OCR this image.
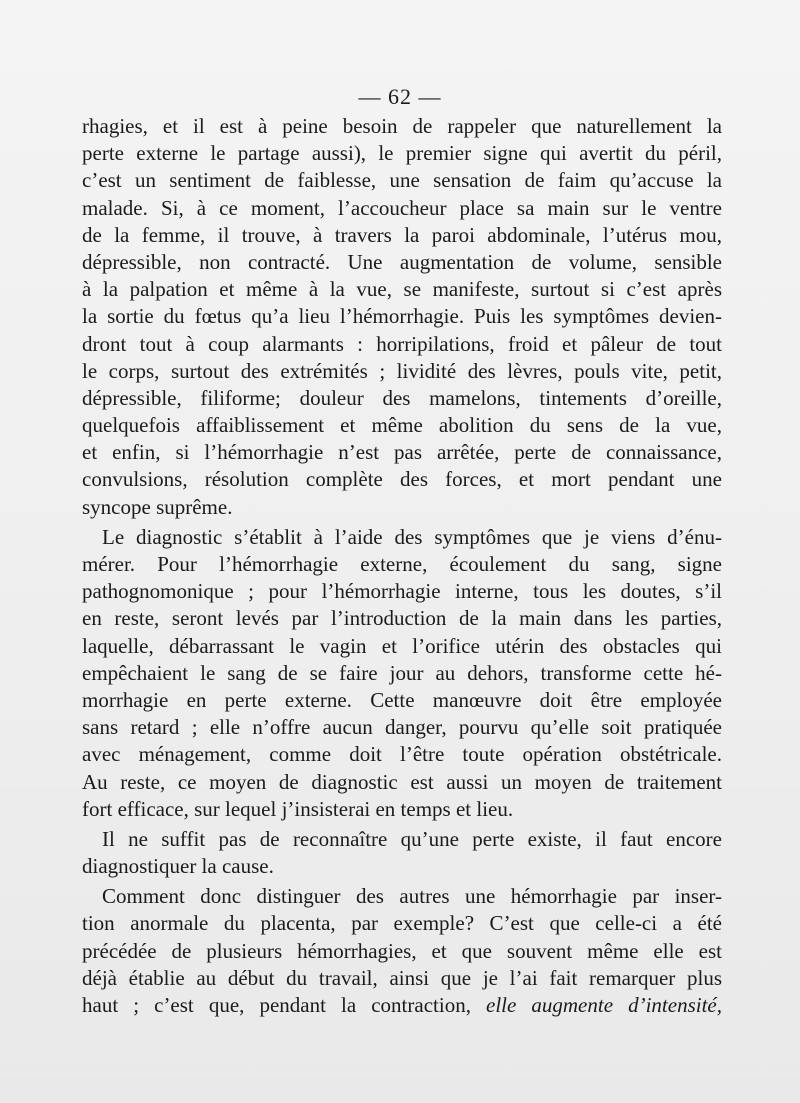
— 62 —
rhagies, et il est à peine besoin de rappeler que naturellement la
perte externe le partage aussi), le premier signe qui avertit du péril,
c’est un sentiment de faiblesse, une sensation de faim qu’accuse la
malade. Si, à ce moment, l’accoucheur place sa main sur le ventre
de la femme, il trouve, à travers la paroi abdominale, l’utérus mou,
dépressible, non contracté. Une augmentation de volume, sensible
à la palpation et même à la vue, se manifeste, surtout si c’est après
la sortie du fœtus qu’a lieu l’hémorrhagie. Puis les symptômes devien-
dront tout à coup alarmants : horripilations, froid et pâleur de tout
le corps, surtout des extrémités ; lividité des lèvres, pouls vite, petit,
dépressible, filiforme; douleur des mamelons, tintements d’oreille,
quelquefois affaiblissement et même abolition du sens de la vue,
et enfin, si l’hémorrhagie n’est pas arrêtée, perte de connaissance,
convulsions, résolution complète des forces, et mort pendant une
syncope suprême.
Le diagnostic s’établit à l’aide des symptômes que je viens d’énu-
mérer. Pour l’hémorrhagie externe, écoulement du sang, signe
pathognomonique ; pour l’hémorrhagie interne, tous les doutes, s’il
en reste, seront levés par l’introduction de la main dans les parties,
laquelle, débarrassant le vagin et l’orifice utérin des obstacles qui
empêchaient le sang de se faire jour au dehors, transforme cette hé-
morrhagie en perte externe. Cette manœuvre doit être employée
sans retard ; elle n’offre aucun danger, pourvu qu’elle soit pratiquée
avec ménagement, comme doit l’être toute opération obstétricale.
Au reste, ce moyen de diagnostic est aussi un moyen de traitement
fort efficace, sur lequel j’insisterai en temps et lieu.
Il ne suffit pas de reconnaître qu’une perte existe, il faut encore
diagnostiquer la cause.
Comment donc distinguer des autres une hémorrhagie par inser-
tion anormale du placenta, par exemple? C’est que celle-ci a été
précédée de plusieurs hémorrhagies, et que souvent même elle est
déjà établie au début du travail, ainsi que je l’ai fait remarquer plus
haut ; c’est que, pendant la contraction, elle augmente d’intensité,
